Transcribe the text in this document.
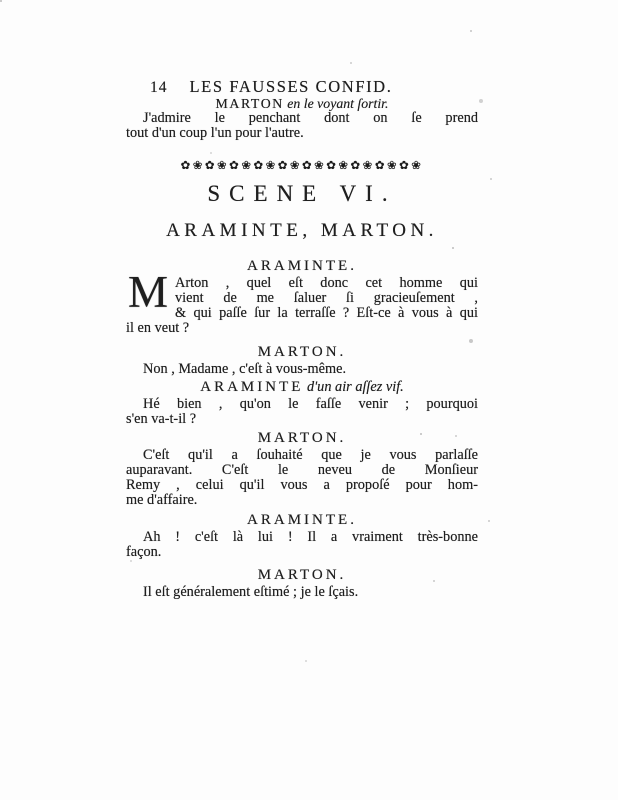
14 LES FAUSSES CONFID.
MARTON en le voyant ſortir.
J'admire le penchant dont on ſe prend
tout d'un coup l'un pour l'autre.
✿❀✿❀✿❀✿❀✿❀✿❀✿❀✿❀✿❀✿❀
SCENE VI.
ARAMINTE, MARTON.
ARAMINTE.
M Arton , quel eſt donc cet homme qui
vient de me ſaluer ſi gracieuſement ,
& qui paſſe ſur la terraſſe ? Eſt-ce à vous à qui
il en veut ?
MARTON.
Non , Madame , c'eſt à vous-même.
ARAMINTE d'un air aſſez vif.
Hé bien , qu'on le faſſe venir ; pourquoi
s'en va-t-il ?
MARTON.
C'eſt qu'il a ſouhaité que je vous parlaſſe
auparavant. C'eſt le neveu de Monſieur
Remy , celui qu'il vous a propoſé pour hom-
me d'affaire.
ARAMINTE.
Ah ! c'eſt là lui ! Il a vraiment très-bonne
façon.
MARTON.
Il eſt généralement eſtimé ; je le ſçais.
